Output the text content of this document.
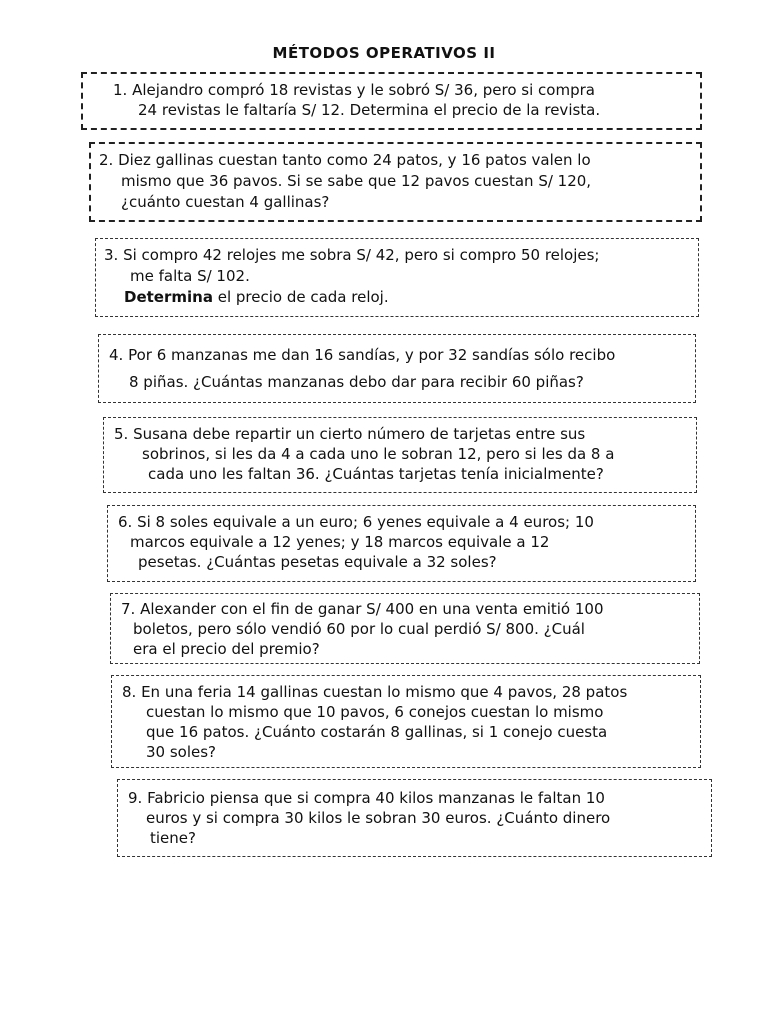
MÉTODOS OPERATIVOS II
1. Alejandro compró 18 revistas y le sobró S/ 36, pero si compra
24 revistas le faltaría S/ 12. Determina el precio de la revista.
2. Diez gallinas cuestan tanto como 24 patos, y 16 patos valen lo
mismo que 36 pavos. Si se sabe que 12 pavos cuestan S/ 120,
¿cuánto cuestan 4 gallinas?
3. Si compro 42 relojes me sobra S/ 42, pero si compro 50 relojes;
me falta S/ 102.
Determina el precio de cada reloj.
4. Por 6 manzanas me dan 16 sandías, y por 32 sandías sólo recibo
8 piñas. ¿Cuántas manzanas debo dar para recibir 60 piñas?
5. Susana debe repartir un cierto número de tarjetas entre sus
sobrinos, si les da 4 a cada uno le sobran 12, pero si les da 8 a
cada uno les faltan 36. ¿Cuántas tarjetas tenía inicialmente?
6. Si 8 soles equivale a un euro; 6 yenes equivale a 4 euros; 10
marcos equivale a 12 yenes; y 18 marcos equivale a 12
pesetas. ¿Cuántas pesetas equivale a 32 soles?
7. Alexander con el fin de ganar S/ 400 en una venta emitió 100
boletos, pero sólo vendió 60 por lo cual perdió S/ 800. ¿Cuál
era el precio del premio?
8. En una feria 14 gallinas cuestan lo mismo que 4 pavos, 28 patos
cuestan lo mismo que 10 pavos, 6 conejos cuestan lo mismo
que 16 patos. ¿Cuánto costarán 8 gallinas, si 1 conejo cuesta
30 soles?
9. Fabricio piensa que si compra 40 kilos manzanas le faltan 10
euros y si compra 30 kilos le sobran 30 euros. ¿Cuánto dinero
tiene?
